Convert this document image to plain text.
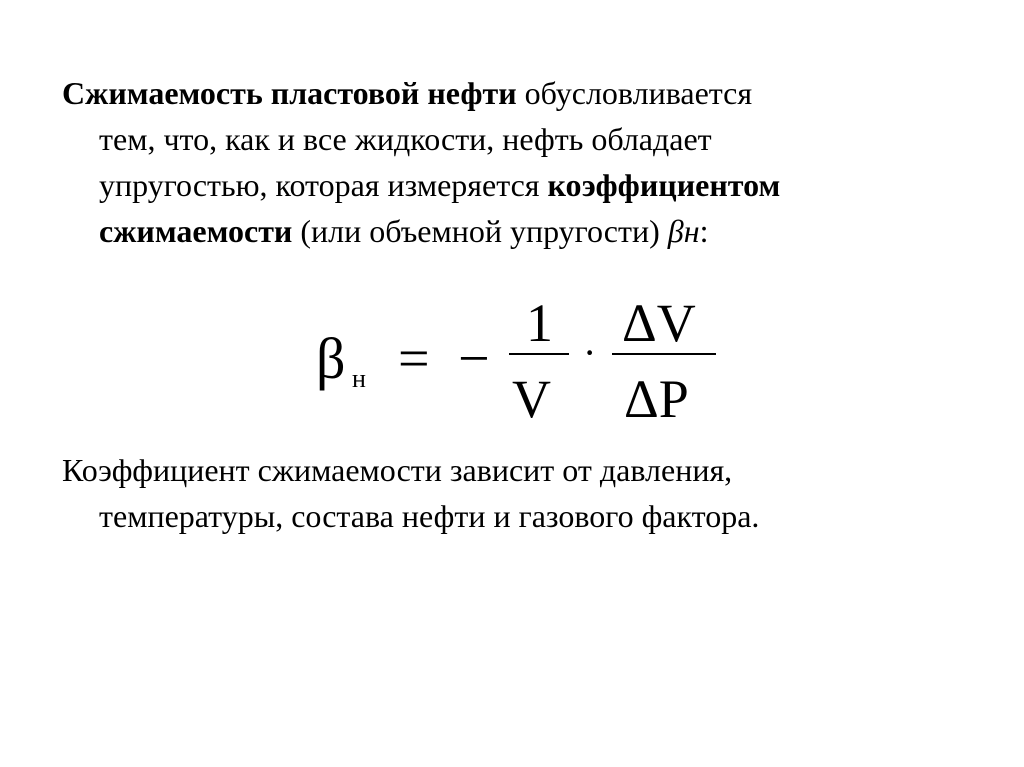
Сжимаемость пластовой нефти обусловливается
тем, что, как и все жидкости, нефть обладает
упругостью, которая измеряется коэффициентом
сжимаемости (или объемной упругости) βн:
β н = −
1
V
· ΔV
ΔP
Коэффициент сжимаемости зависит от давления,
температуры, состава нефти и газового фактора.
